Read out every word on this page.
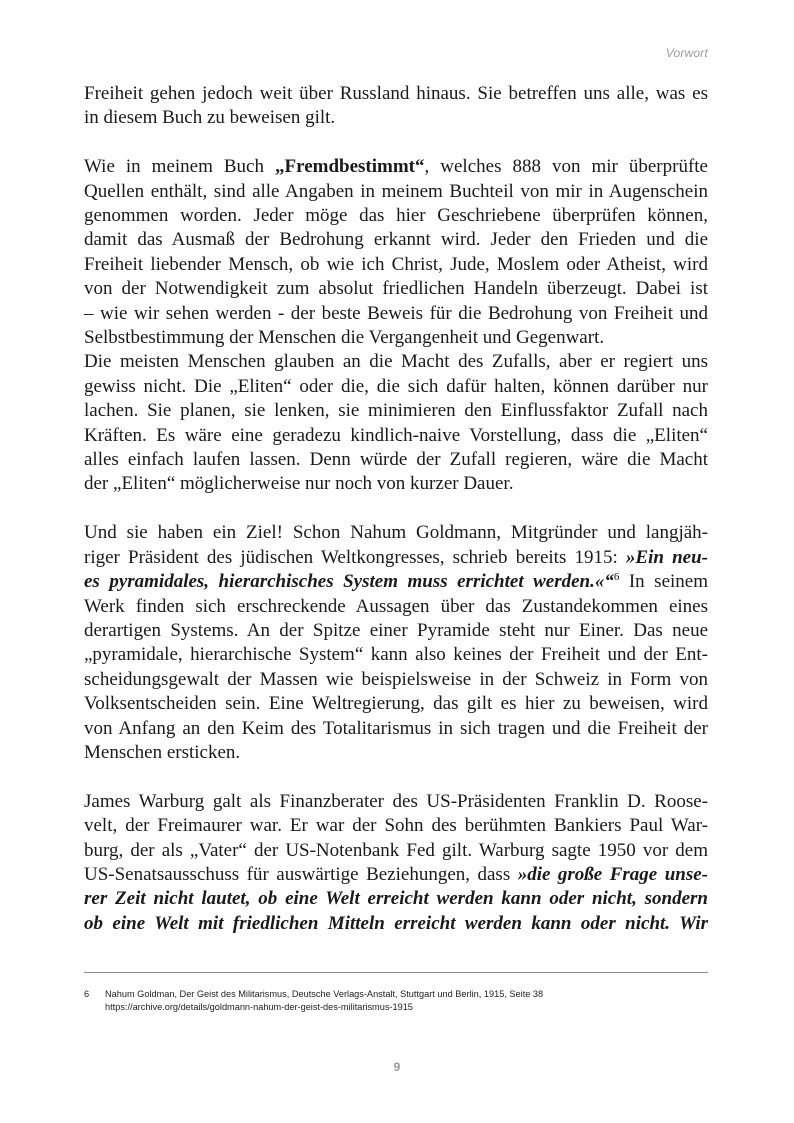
Vorwort

Freiheit gehen jedoch weit über Russland hinaus. Sie betreffen uns alle, was es
in diesem Buch zu beweisen gilt.

Wie in meinem Buch „Fremdbestimmt“, welches 888 von mir überprüfte
Quellen enthält, sind alle Angaben in meinem Buchteil von mir in Augenschein
genommen worden. Jeder möge das hier Geschriebene überprüfen können,
damit das Ausmaß der Bedrohung erkannt wird. Jeder den Frieden und die
Freiheit liebender Mensch, ob wie ich Christ, Jude, Moslem oder Atheist, wird
von der Notwendigkeit zum absolut friedlichen Handeln überzeugt. Dabei ist
– wie wir sehen werden - der beste Beweis für die Bedrohung von Freiheit und
Selbstbestimmung der Menschen die Vergangenheit und Gegenwart.

Die meisten Menschen glauben an die Macht des Zufalls, aber er regiert uns
gewiss nicht. Die „Eliten“ oder die, die sich dafür halten, können darüber nur
lachen. Sie planen, sie lenken, sie minimieren den Einflussfaktor Zufall nach
Kräften. Es wäre eine geradezu kindlich-naive Vorstellung, dass die „Eliten“
alles einfach laufen lassen. Denn würde der Zufall regieren, wäre die Macht
der „Eliten“ möglicherweise nur noch von kurzer Dauer.

Und sie haben ein Ziel! Schon Nahum Goldmann, Mitgründer und langjäh-
riger Präsident des jüdischen Weltkongresses, schrieb bereits 1915: »Ein neu-
es pyramidales, hierarchisches System muss errichtet werden.«“$^6$ In seinem
Werk finden sich erschreckende Aussagen über das Zustandekommen eines
derartigen Systems. An der Spitze einer Pyramide steht nur Einer. Das neue
„pyramidale, hierarchische System“ kann also keines der Freiheit und der Ent-
scheidungsgewalt der Massen wie beispielsweise in der Schweiz in Form von
Volksentscheiden sein. Eine Weltregierung, das gilt es hier zu beweisen, wird
von Anfang an den Keim des Totalitarismus in sich tragen und die Freiheit der
Menschen ersticken.

James Warburg galt als Finanzberater des US-Präsidenten Franklin D. Roose-
velt, der Freimaurer war. Er war der Sohn des berühmten Bankiers Paul War-
burg, der als „Vater“ der US-Notenbank Fed gilt. Warburg sagte 1950 vor dem
US-Senatsausschuss für auswärtige Beziehungen, dass »die große Frage unse-
rer Zeit nicht lautet, ob eine Welt erreicht werden kann oder nicht, sondern
ob eine Welt mit friedlichen Mitteln erreicht werden kann oder nicht. Wir

6 Nahum Goldman, Der Geist des Militarismus, Deutsche Verlags-Anstalt, Stuttgart und Berlin, 1915, Seite 38
https://archive.org/details/goldmann-nahum-der-geist-des-militarismus-1915
9
